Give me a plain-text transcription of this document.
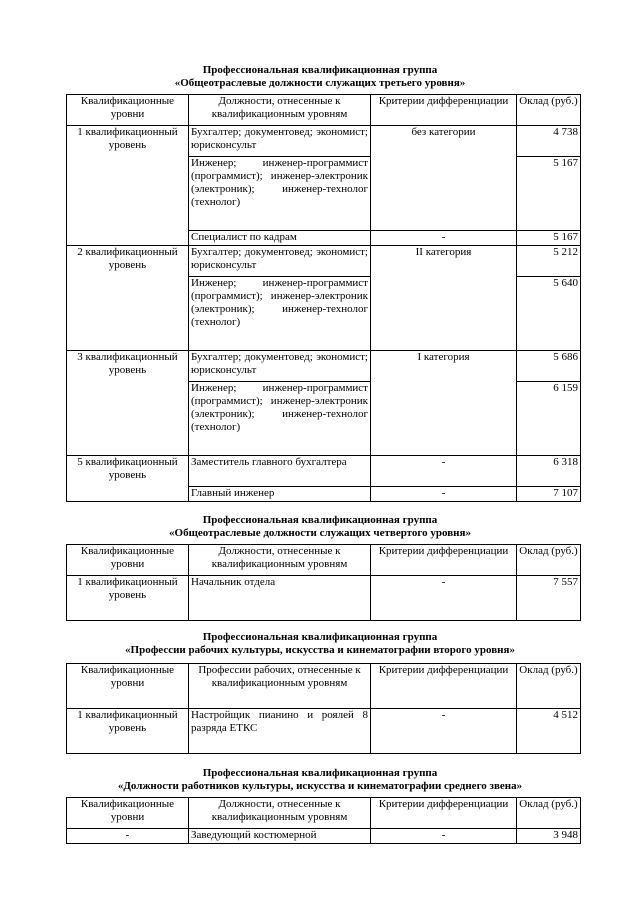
Профессиональная квалификационная группа
«Общеотраслевые должности служащих третьего уровня»
Квалификационные уровни	Должности, отнесенные к квалификационным уровням	Критерии дифференциации	Оклад (руб.)
1 квалификационный уровень	Бухгалтер; документовед; экономист; юрисконсульт	без категории	4 738
	Инженер; инженер-программист (программист); инженер-электроник (электроник); инженер-технолог (технолог)		5 167
	Специалист по кадрам	-	5 167
2 квалификационный уровень	Бухгалтер; документовед; экономист; юрисконсульт	II категория	5 212
	Инженер; инженер-программист (программист); инженер-электроник (электроник); инженер-технолог (технолог)		5 640
3 квалификационный уровень	Бухгалтер; документовед; экономист; юрисконсульт	I категория	5 686
	Инженер; инженер-программист (программист); инженер-электроник (электроник); инженер-технолог (технолог)		6 159
5 квалификационный уровень	Заместитель главного бухгалтера	-	6 318
	Главный инженер	-	7 107
Профессиональная квалификационная группа
«Общеотраслевые должности служащих четвертого уровня»
Квалификационные уровни	Должности, отнесенные к квалификационным уровням	Критерии дифференциации	Оклад (руб.)
1 квалификационный уровень	Начальник отдела	-	7 557
Профессиональная квалификационная группа
«Профессии рабочих культуры, искусства и кинематографии второго уровня»
Квалификационные уровни	Профессии рабочих, отнесенные к квалификационным уровням	Критерии дифференциации	Оклад (руб.)
1 квалификационный уровень	Настройщик пианино и роялей 8 разряда ЕТКС	-	4 512
Профессиональная квалификационная группа
«Должности работников культуры, искусства и кинематографии среднего звена»
Квалификационные уровни	Должности, отнесенные к квалификационным уровням	Критерии дифференциации	Оклад (руб.)
-	Заведующий костюмерной	-	3 948
